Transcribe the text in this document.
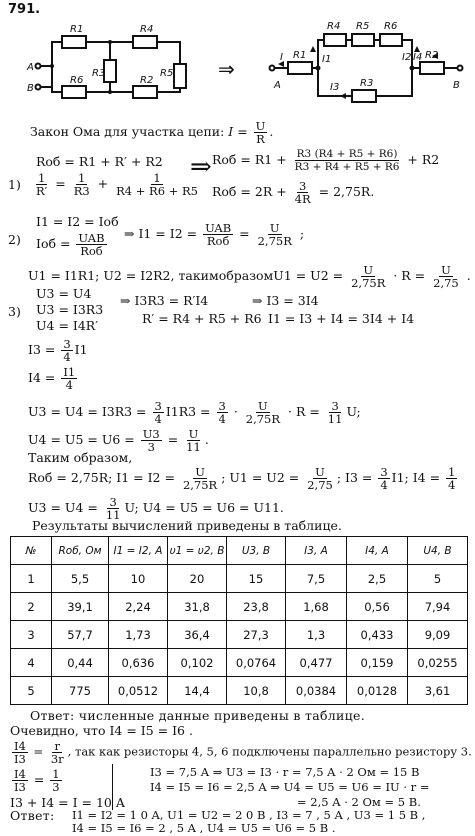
791.
R1	R4
R3
R6
R5
R2
A
B
R4 R5 R6
R1	R2
R3
I	I1	I2
I3
I4
A	B
⇒
Закон Ома для участка цепи: $I = \frac{U}{R}$ .
1)
Rоб = R1 + R′ + R2
$\frac{1}{R'} = \frac{1}{R3} + \frac{1}{R4 + R6 + R5}$
⇒ Rоб = $R1 + \frac{R3 (R4 + R5 + R6)}{R3 + R4 + R5 + R6} + R2$
Rоб = $2R + \frac{3}{4R} = 2,75R$.
2)
I1 = I2 = Iоб
Iоб = $\frac{\text{UAB}}{\text{Rоб}}$ ⇒ $I1 = I2 = \frac{\text{UAB}}{\text{Rоб}} = \frac{U}{2,75R}$ ;
U1 = I1R1; U2 = I2R2, такимобразомU1 = $U2 = \frac{U}{2,75R} \cdot R = \frac{U}{2,75}$ .
3)
U3 = U4
U3 = I3R3
U4 = I4R′
⇒ I3R3 = R′I4
R′ = R4 + R5 + R6
⇒ I3 = 3I4
I1 = I3 + I4 = 3I4 + I4
$I3 = \frac{3}{4} I1$
$I4 = \frac{I1}{4}$
$U3 = U4 = I3R3 = \frac{3}{4} I1R3 = \frac{3}{4} \cdot \frac{U}{2,75R} \cdot R = \frac{3}{11} U$;
$U4 = U5 = U6 = \frac{U3}{3} = \frac{U}{11}$ .
Таким образом,
Rоб = 2,75R; $I1 = I2 = \frac{U}{2,75R}$ ; $U1 = U2 = \frac{U}{2,75}$ ; $I3 = \frac{3}{4} I1$; $I4 = \frac{1}{4}$
$U3 = U4 = \frac{3}{11} U$; U4 = U5 = U6 = U11.
Результаты вычислений приведены в таблице.
№	Rоб, Ом	I1 = I2, A	υ1 = υ2, B	U3, B	I3, A	I4, A	U4, B
1	5,5	10	20	15	7,5	2,5	5
2	39,1	2,24	31,8	23,8	1,68	0,56	7,94
3	57,7	1,73	36,4	27,3	1,3	0,433	9,09
4	0,44	0,636	0,102	0,0764	0,477	0,159	0,0255
5	775	0,0512	14,4	10,8	0,0384	0,0128	3,61
Ответ: численные данные приведены в таблице.
Очевидно, что I4 = I5 = I6 .
$\frac{I4}{I3} = \frac{r}{3r}$ , так как резисторы 4, 5, 6 подключены параллельно резистору 3.
$\frac{I4}{I3} = \frac{1}{3}$
I3 + I4 = I = 10 A
I3 = 7,5 A ⇒ U3 = I3 · r = 7,5 A · 2 Ом = 15 B
I4 = I5 = I6 = 2,5 A ⇒ U4 = U5 = U6 = IU · r =
= 2,5 A · 2 Ом = 5 B.
Ответ: I1 = I2 = 1 0 A, U1 = U2 = 2 0 B , I3 = 7 , 5 A , U3 = 1 5 B ,
I4 = I5 = I6 = 2 , 5 A , U4 = U5 = U6 = 5 B .
